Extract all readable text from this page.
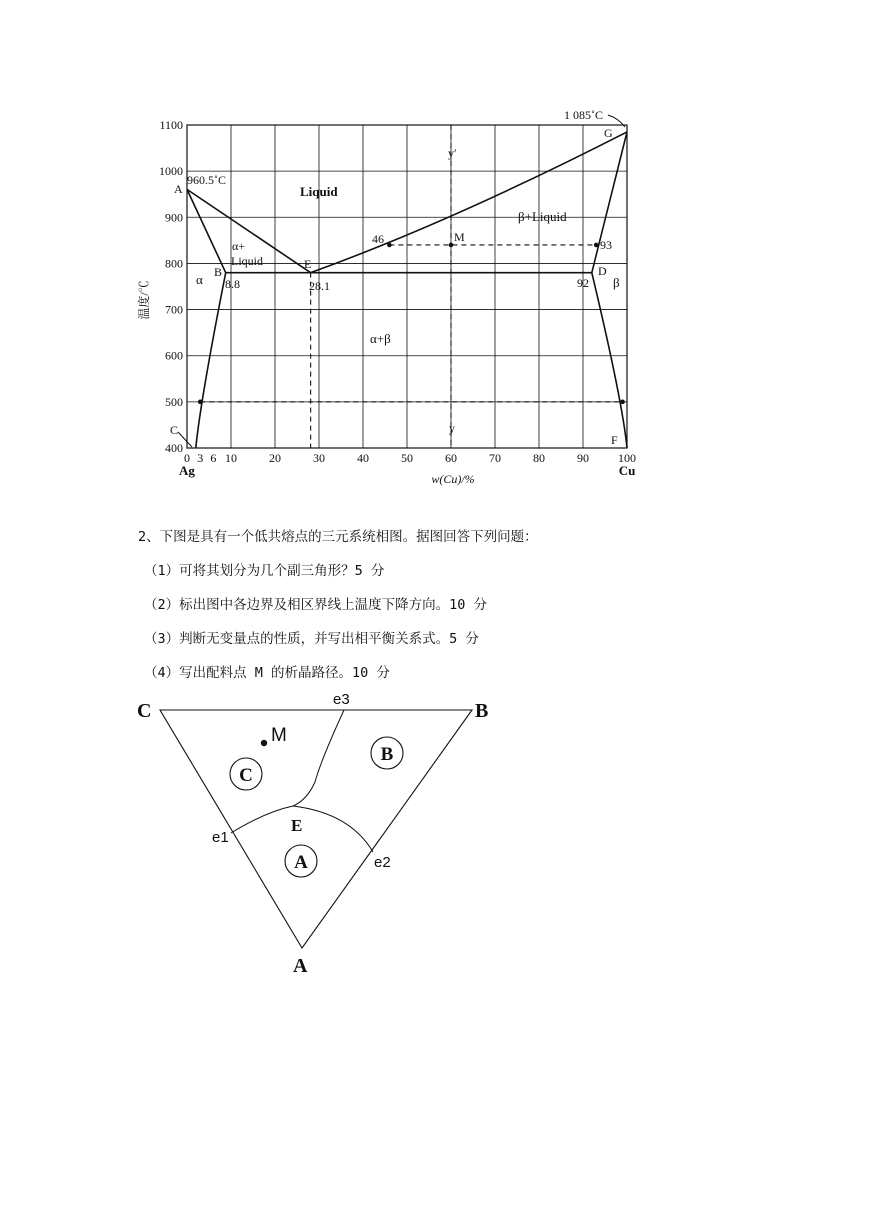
400
500
600
700
800
900
1000
1100
0 3 6 10	20	30	40	50	60	70	80	90 100
温度/℃
w(Cu)/%
Ag	Cu
960.5˚C
1 085˚C
Liquid
α+
Liquid
β+Liquid
α	β
α+β
A
B
C
D
E
F
G
M
8.8	28.1
46
92
93
y′
y

2、下图是具有一个低共熔点的三元系统相图。据图回答下列问题：

（1）可将其划分为几个副三角形？5 分

（2）标出图中各边界及相区界线上温度下降方向。10 分

（3）判断无变量点的性质，并写出相平衡关系式。5 分

（4）写出配料点 M 的析晶路径。10 分

C
B
A
C	B
A
E
M
e1
e2
e3
